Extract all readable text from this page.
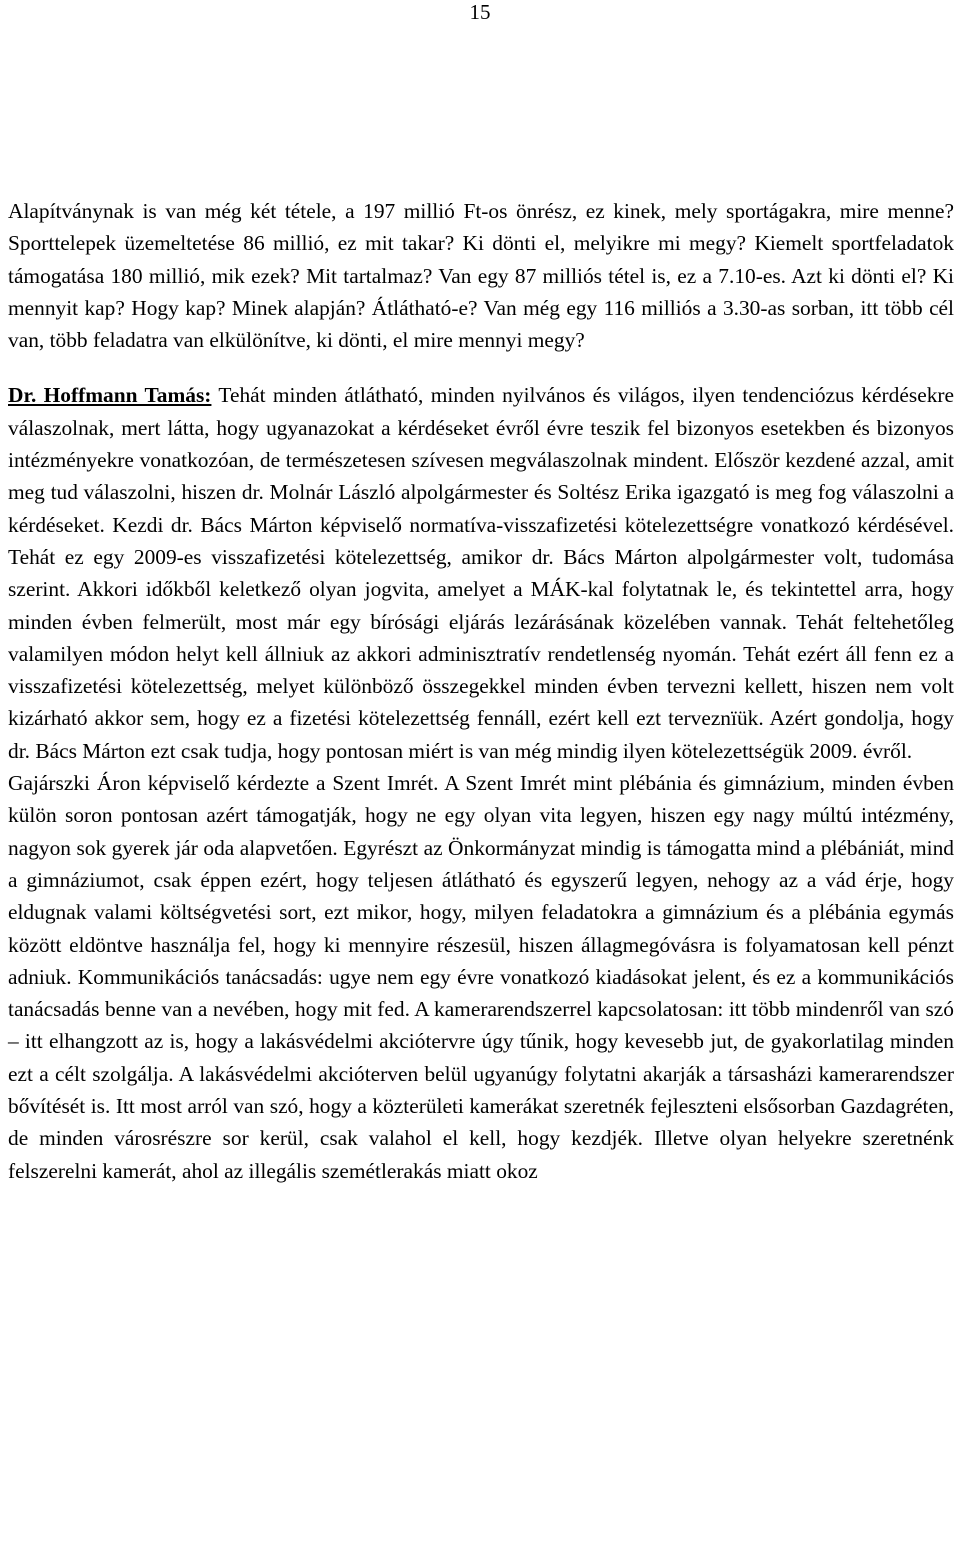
15

Alapítványnak is van még két tétele, a 197 millió Ft-os önrész, ez kinek, mely sportágakra, mire menne? Sporttelepek üzemeltetése 86 millió, ez mit takar? Ki dönti el, melyikre mi megy? Kiemelt sportfeladatok támogatása 180 millió, mik ezek? Mit tartalmaz? Van egy 87 milliós tétel is, ez a 7.10-es. Azt ki dönti el? Ki mennyit kap? Hogy kap? Minek alapján? Átlátható-e? Van még egy 116 milliós a 3.30-as sorban, itt több cél van, több feladatra van elkülönítve, ki dönti, el mire mennyi megy?

Dr. Hoffmann Tamás: Tehát minden átlátható, minden nyilvános és világos, ilyen tendenciózus kérdésekre válaszolnak, mert látta, hogy ugyanazokat a kérdéseket évről évre teszik fel bizonyos esetekben és bizonyos intézményekre vonatkozóan, de természetesen szívesen megválaszolnak mindent. Először kezdené azzal, amit meg tud válaszolni, hiszen dr. Molnár László alpolgármester és Soltész Erika igazgató is meg fog válaszolni a kérdéseket. Kezdi dr. Bács Márton képviselő normatíva-visszafizetési kötelezettségre vonatkozó kérdésével. Tehát ez egy 2009-es visszafizetési kötelezettség, amikor dr. Bács Márton alpolgármester volt, tudomása szerint. Akkori időkből keletkező olyan jogvita, amelyet a MÁK-kal folytatnak le, és tekintettel arra, hogy minden évben felmerült, most már egy bírósági eljárás lezárásának közelében vannak. Tehát feltehetőleg valamilyen módon helyt kell állniuk az akkori adminisztratív rendetlenség nyomán. Tehát ezért áll fenn ez a visszafizetési kötelezettség, melyet különböző összegekkel minden évben tervezni kellett, hiszen nem volt kizárható akkor sem, hogy ez a fizetési kötelezettség fennáll, ezért kell ezt terveznïük. Azért gondolja, hogy dr. Bács Márton ezt csak tudja, hogy pontosan miért is van még mindig ilyen kötelezettségük 2009. évről.

Gajárszki Áron képviselő kérdezte a Szent Imrét. A Szent Imrét mint plébánia és gimnázium, minden évben külön soron pontosan azért támogatják, hogy ne egy olyan vita legyen, hiszen egy nagy múltú intézmény, nagyon sok gyerek jár oda alapvetően. Egyrészt az Önkormányzat mindig is támogatta mind a plébániát, mind a gimnáziumot, csak éppen ezért, hogy teljesen átlátható és egyszerű legyen, nehogy az a vád érje, hogy eldugnak valami költségvetési sort, ezt mikor, hogy, milyen feladatokra a gimnázium és a plébánia egymás között eldöntve használja fel, hogy ki mennyire részesül, hiszen állagmegóvásra is folyamatosan kell pénzt adniuk. Kommunikációs tanácsadás: ugye nem egy évre vonatkozó kiadásokat jelent, és ez a kommunikációs tanácsadás benne van a nevében, hogy mit fed. A kamerarendszerrel kapcsolatosan: itt több mindenről van szó – itt elhangzott az is, hogy a lakásvédelmi akciótervre úgy tűnik, hogy kevesebb jut, de gyakorlatilag minden ezt a célt szolgálja. A lakásvédelmi akcióterven belül ugyanúgy folytatni akarják a társasházi kamerarendszer bővítését is. Itt most arról van szó, hogy a közterületi kamerákat szeretnék fejleszteni elsősorban Gazdagréten, de minden városrészre sor kerül, csak valahol el kell, hogy kezdjék. Illetve olyan helyekre szeretnénk felszerelni kamerát, ahol az illegális szemétlerakás miatt okoz
